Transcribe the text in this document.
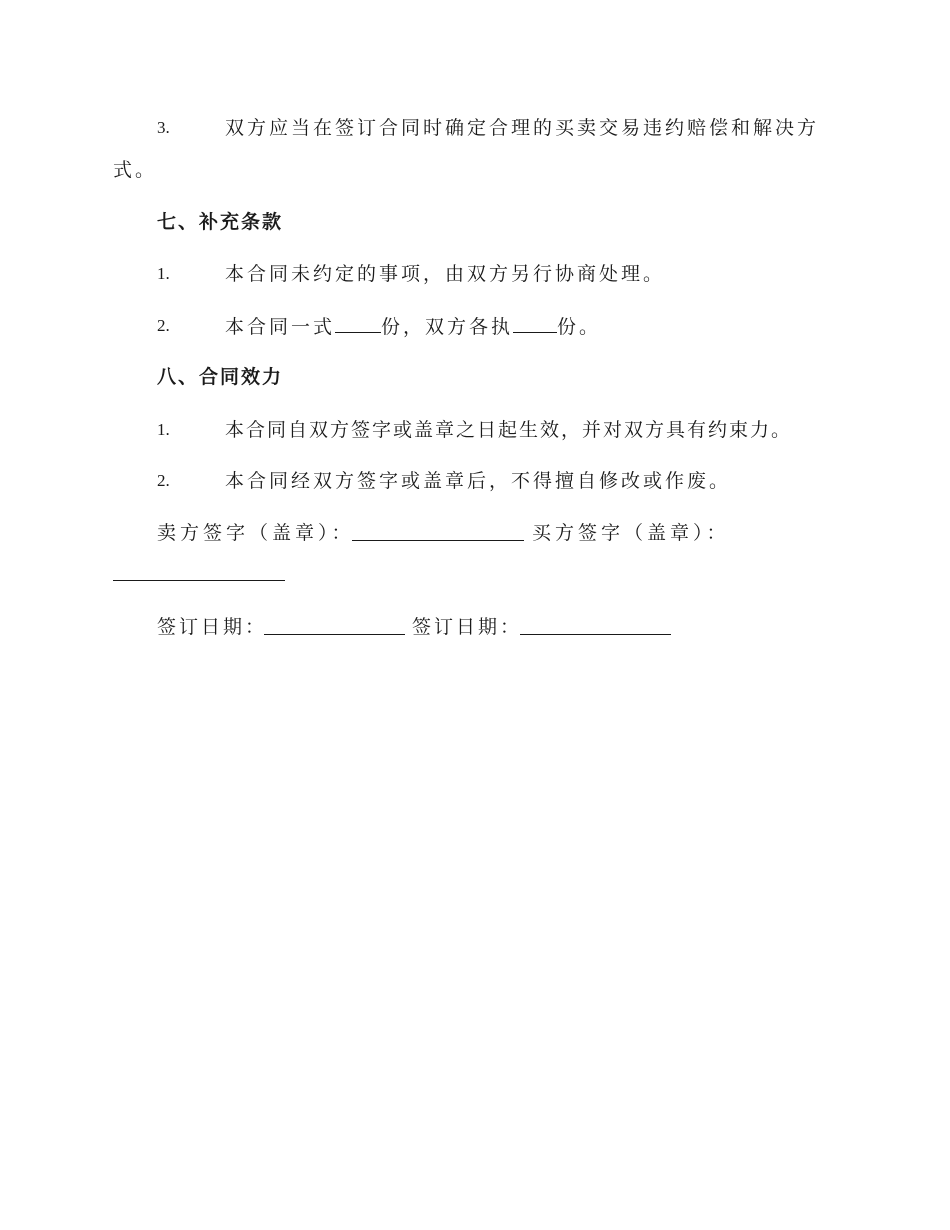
3.	双方应当在签订合同时确定合理的买卖交易违约赔偿和解决方
式。
七、补充条款
1.	本合同未约定的事项，由双方另行协商处理。
2.	本合同一式 份，双方各执 份。
八、合同效力
1.	本合同自双方签字或盖章之日起生效，并对双方具有约束力。
2.	本合同经双方签字或盖章后，不得擅自修改或作废。
卖方签字（盖章）：	买方签字（盖章）：
签订日期：	签订日期：
